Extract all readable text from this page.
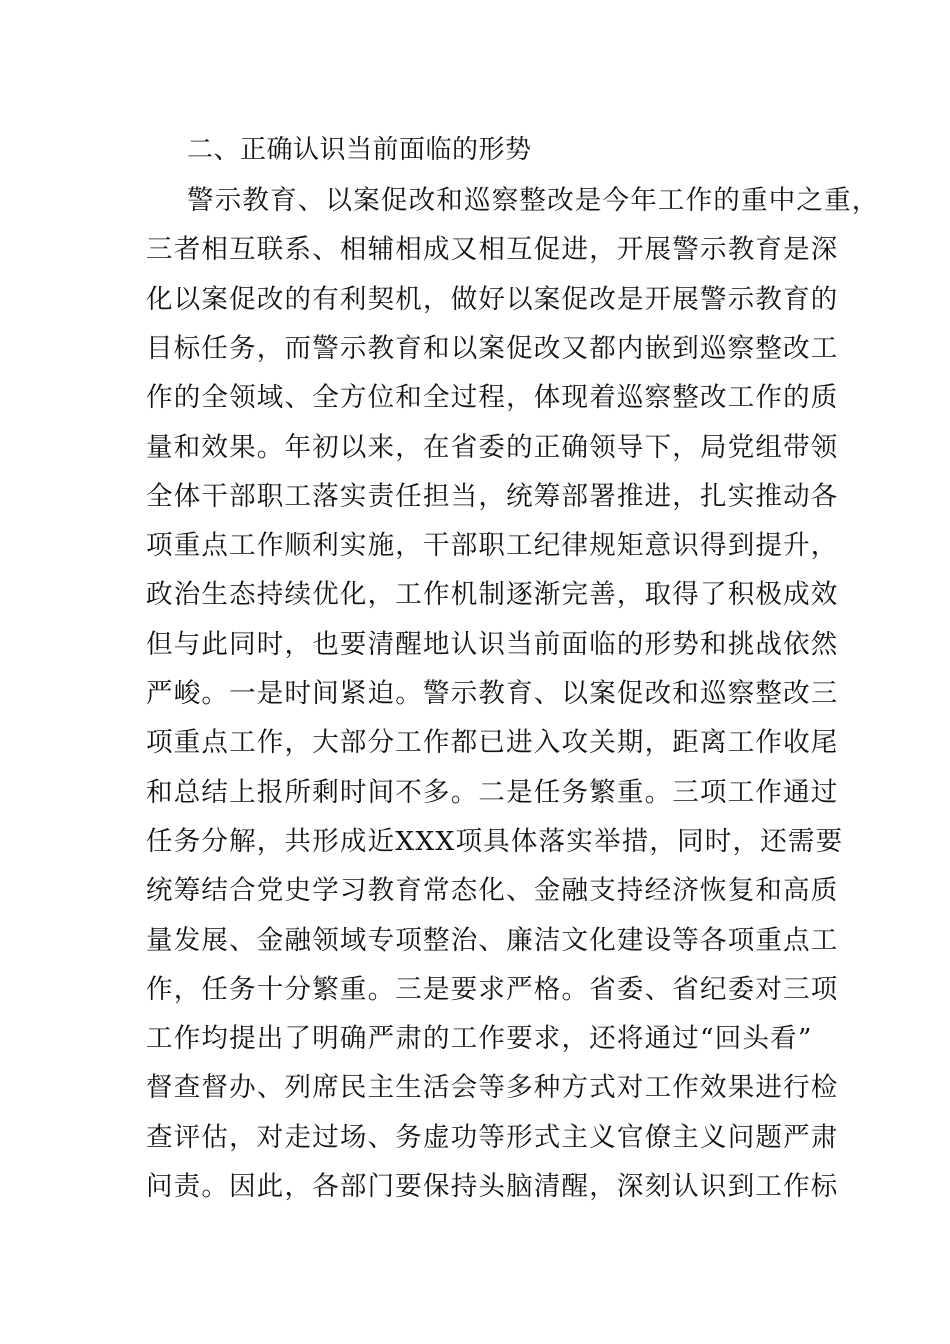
二、正确认识当前面临的形势
警示教育、以案促改和巡察整改是今年工作的重中之重，
三者相互联系、相辅相成又相互促进，开展警示教育是深
化以案促改的有利契机，做好以案促改是开展警示教育的
目标任务，而警示教育和以案促改又都内嵌到巡察整改工
作的全领域、全方位和全过程，体现着巡察整改工作的质
量和效果。年初以来，在省委的正确领导下，局党组带领
全体干部职工落实责任担当，统筹部署推进，扎实推动各
项重点工作顺利实施，干部职工纪律规矩意识得到提升，
政治生态持续优化，工作机制逐渐完善，取得了积极成效
但与此同时，也要清醒地认识当前面临的形势和挑战依然
严峻。一是时间紧迫。警示教育、以案促改和巡察整改三
项重点工作，大部分工作都已进入攻关期，距离工作收尾
和总结上报所剩时间不多。二是任务繁重。三项工作通过
任务分解，共形成近XXX项具体落实举措，同时，还需要
统筹结合党史学习教育常态化、金融支持经济恢复和高质
量发展、金融领域专项整治、廉洁文化建设等各项重点工
作，任务十分繁重。三是要求严格。省委、省纪委对三项
工作均提出了明确严肃的工作要求，还将通过“回头看”
督查督办、列席民主生活会等多种方式对工作效果进行检
查评估，对走过场、务虚功等形式主义官僚主义问题严肃
问责。因此，各部门要保持头脑清醒，深刻认识到工作标
